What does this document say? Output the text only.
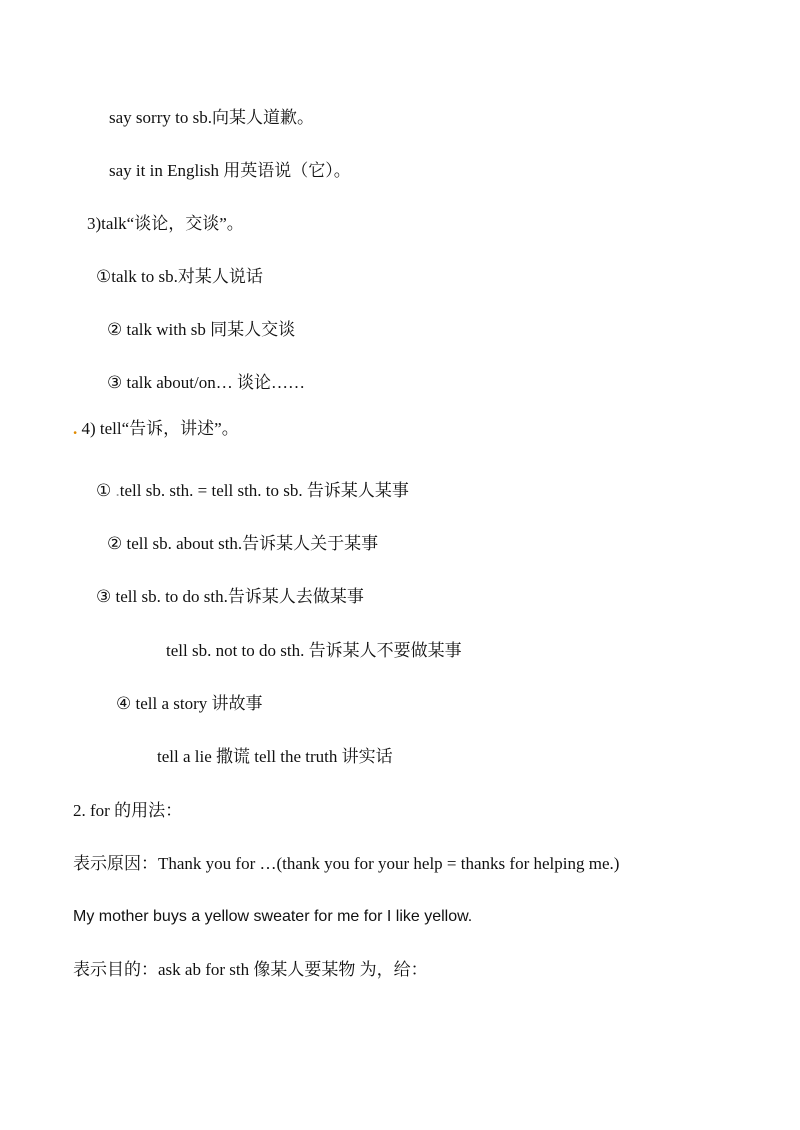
say sorry to sb.向某人道歉。
say it in English 用英语说（它）。
3)talk“谈论，交谈”。
①talk to sb.对某人说话
② talk with sb 同某人交谈
③ talk about/on… 谈论……
. 4) tell“告诉，讲述”。
① .tell sb. sth. = tell sth. to sb. 告诉某人某事
② tell sb. about sth.告诉某人关于某事
③ tell sb. to do sth.告诉某人去做某事
tell sb. not to do sth. 告诉某人不要做某事
④ tell a story 讲故事
tell a lie 撒谎 tell the truth 讲实话
2. for 的用法：
表示原因：Thank you for …(thank you for your help = thanks for helping me.)
My mother buys a yellow sweater for me for I like yellow.
表示目的：ask ab for sth 像某人要某物 为，给：
